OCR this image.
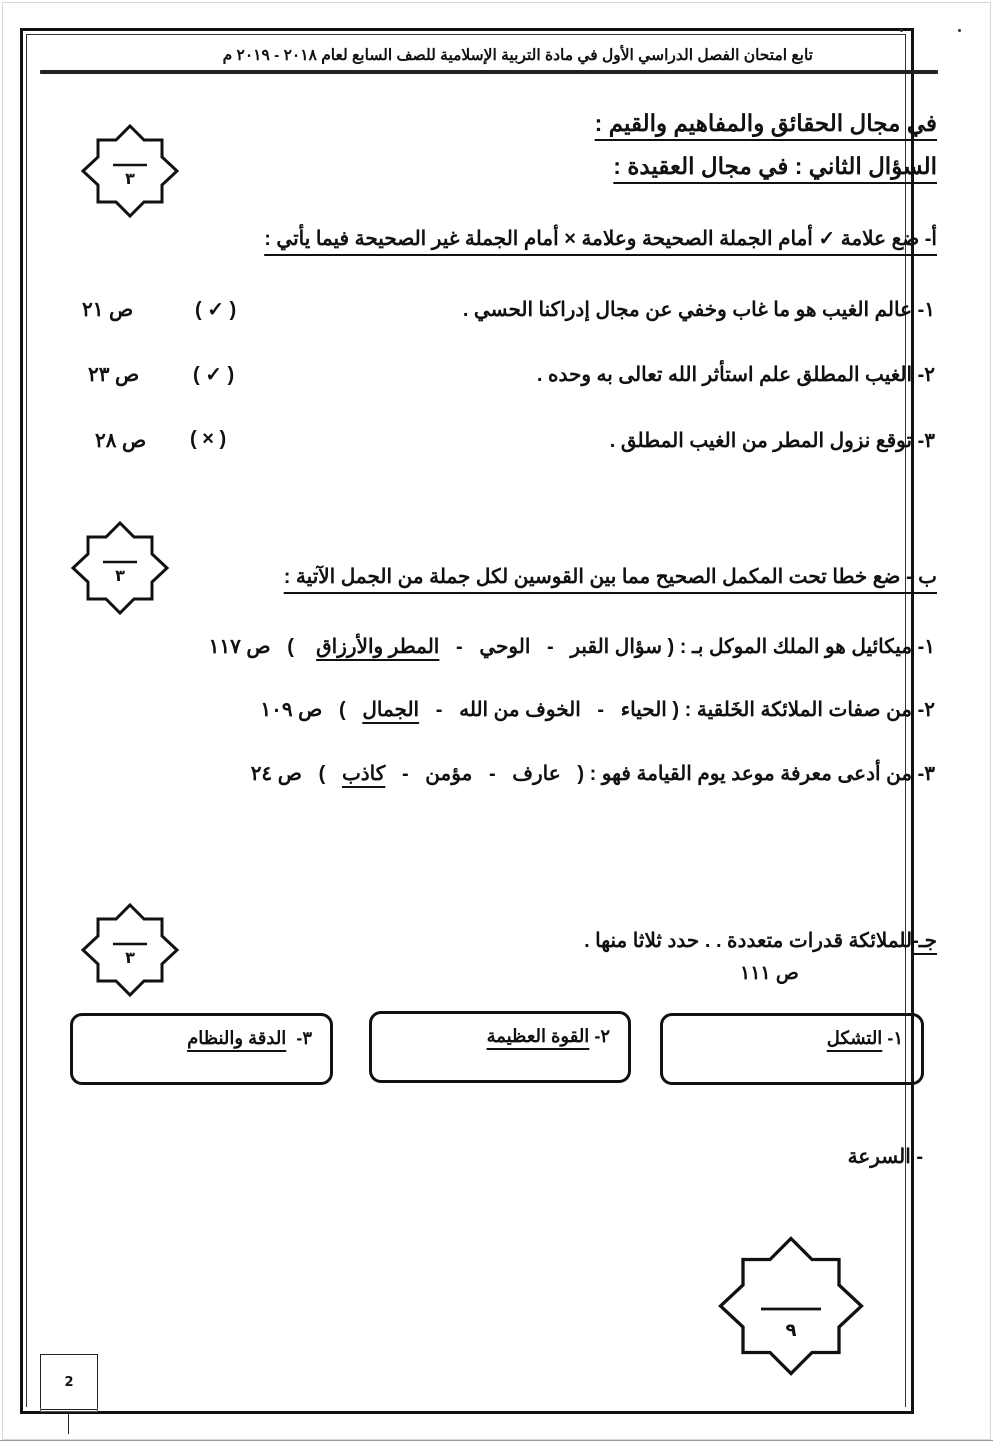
تابع امتحان الفصل الدراسي الأول في مادة التربية الإسلامية للصف السابع لعام ٢٠١٨ - ٢٠١٩ م
في مجال الحقائق والمفاهيم والقيم :
السؤال الثاني : في مجال العقيدة :
٣
أ- ضع علامة ✓ أمام الجملة الصحيحة وعلامة × أمام الجملة غير الصحيحة فيما يأتي :
١- عالم الغيب هو ما غاب وخفي عن مجال إدراكنا الحسي .
( ✓ )
ص ٢١
٢- الغيب المطلق علم استأثر الله تعالى به وحده .
( ✓ )
ص ٢٣
٣- توقع نزول المطر من الغيب المطلق .
( × )
ص ٢٨
٣	ب - ضع خطا تحت المكمل الصحيح مما بين القوسين لكل جملة من الجمل الآتية :
١- ميكائيل هو الملك الموكل بـ : ( سؤال القبر   -   الوحي   -   المطر والأرزاق    )   ص ١١٧
٢- من صفات الملائكة الخَلقية : ( الحياء   -   الخوف من الله   -   الجمال   )   ص ١٠٩
٣- من أدعى معرفة موعد يوم القيامة فهو : (   عارف   -   مؤمن   -   كاذب   )   ص ٢٤
٣
جـ-للملائكة قدرات متعددة . . حدد ثلاثا منها .
ص ١١١
١- التشكل
٢- القوة العظيمة
٣-  الدقة والنظام
- السرعة
٩
2
